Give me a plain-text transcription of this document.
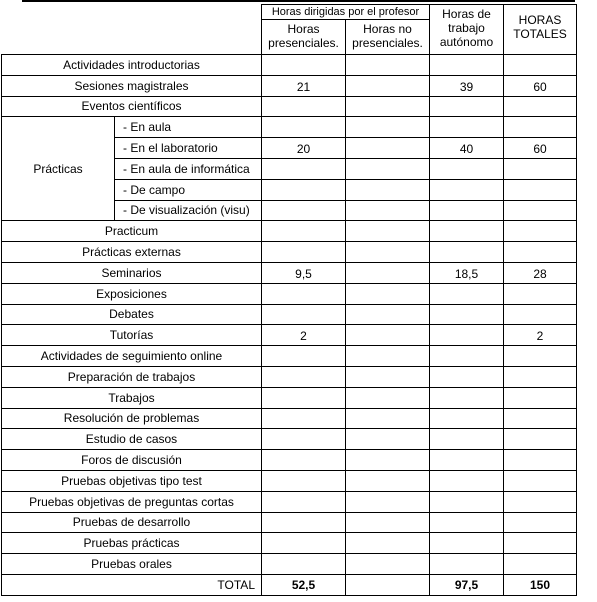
		Horas dirigidas por el profesor		Horas de trabajo autónomo	HORAS TOTALES
		Horas presenciales.	Horas no presenciales.		
Actividades introductorias					
Sesiones magistrales		21		39	60
Eventos científicos					
Prácticas	- En aula				
	- En el laboratorio	20		40	60
	- En aula de informática				
	- De campo				
	- De visualización (visu)				
Practicum					
Prácticas externas					
Seminarios		9,5		18,5	28
Exposiciones					
Debates					
Tutorías		2			2
Actividades de seguimiento online					
Preparación de trabajos					
Trabajos					
Resolución de problemas					
Estudio de casos					
Foros de discusión					
Pruebas objetivas tipo test					
Pruebas objetivas de preguntas cortas					
Pruebas de desarrollo					
Pruebas prácticas					
Pruebas orales					
TOTAL		52,5		97,5	150
